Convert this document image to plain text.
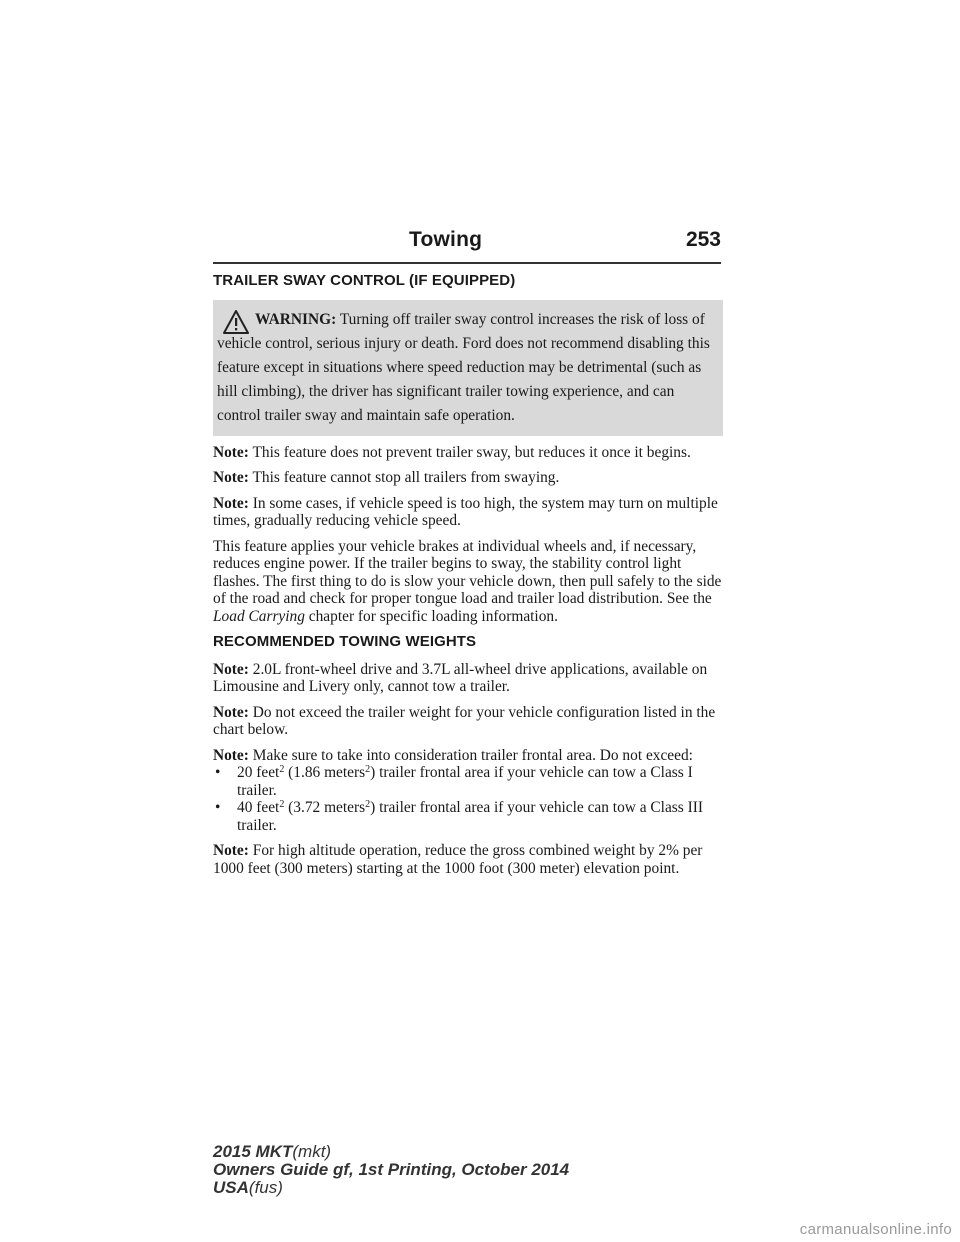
Towing	253
TRAILER SWAY CONTROL (IF EQUIPPED)
WARNING: Turning off trailer sway control increases the risk of loss of vehicle control, serious injury or death. Ford does not recommend disabling this feature except in situations where speed reduction may be detrimental (such as hill climbing), the driver has significant trailer towing experience, and can control trailer sway and maintain safe operation.

Note: This feature does not prevent trailer sway, but reduces it once it begins.

Note: This feature cannot stop all trailers from swaying.

Note: In some cases, if vehicle speed is too high, the system may turn on multiple times, gradually reducing vehicle speed.

This feature applies your vehicle brakes at individual wheels and, if necessary, reduces engine power. If the trailer begins to sway, the stability control light flashes. The first thing to do is slow your vehicle down, then pull safely to the side of the road and check for proper tongue load and trailer load distribution. See the Load Carrying chapter for specific loading information.

RECOMMENDED TOWING WEIGHTS

Note: 2.0L front-wheel drive and 3.7L all-wheel drive applications, available on Limousine and Livery only, cannot tow a trailer.

Note: Do not exceed the trailer weight for your vehicle configuration listed in the chart below.

Note: Make sure to take into consideration trailer frontal area. Do not exceed:

• 20 feet$^2$ (1.86 meters$^2$) trailer frontal area if your vehicle can tow a Class I trailer.
• 40 feet$^2$ (3.72 meters$^2$) trailer frontal area if your vehicle can tow a Class III trailer.

Note: For high altitude operation, reduce the gross combined weight by 2% per 1000 feet (300 meters) starting at the 1000 foot (300 meter) elevation point.

2015 MKT(mkt)
Owners Guide gf, 1st Printing, October 2014
USA(fus)
carmanualsonline.info
